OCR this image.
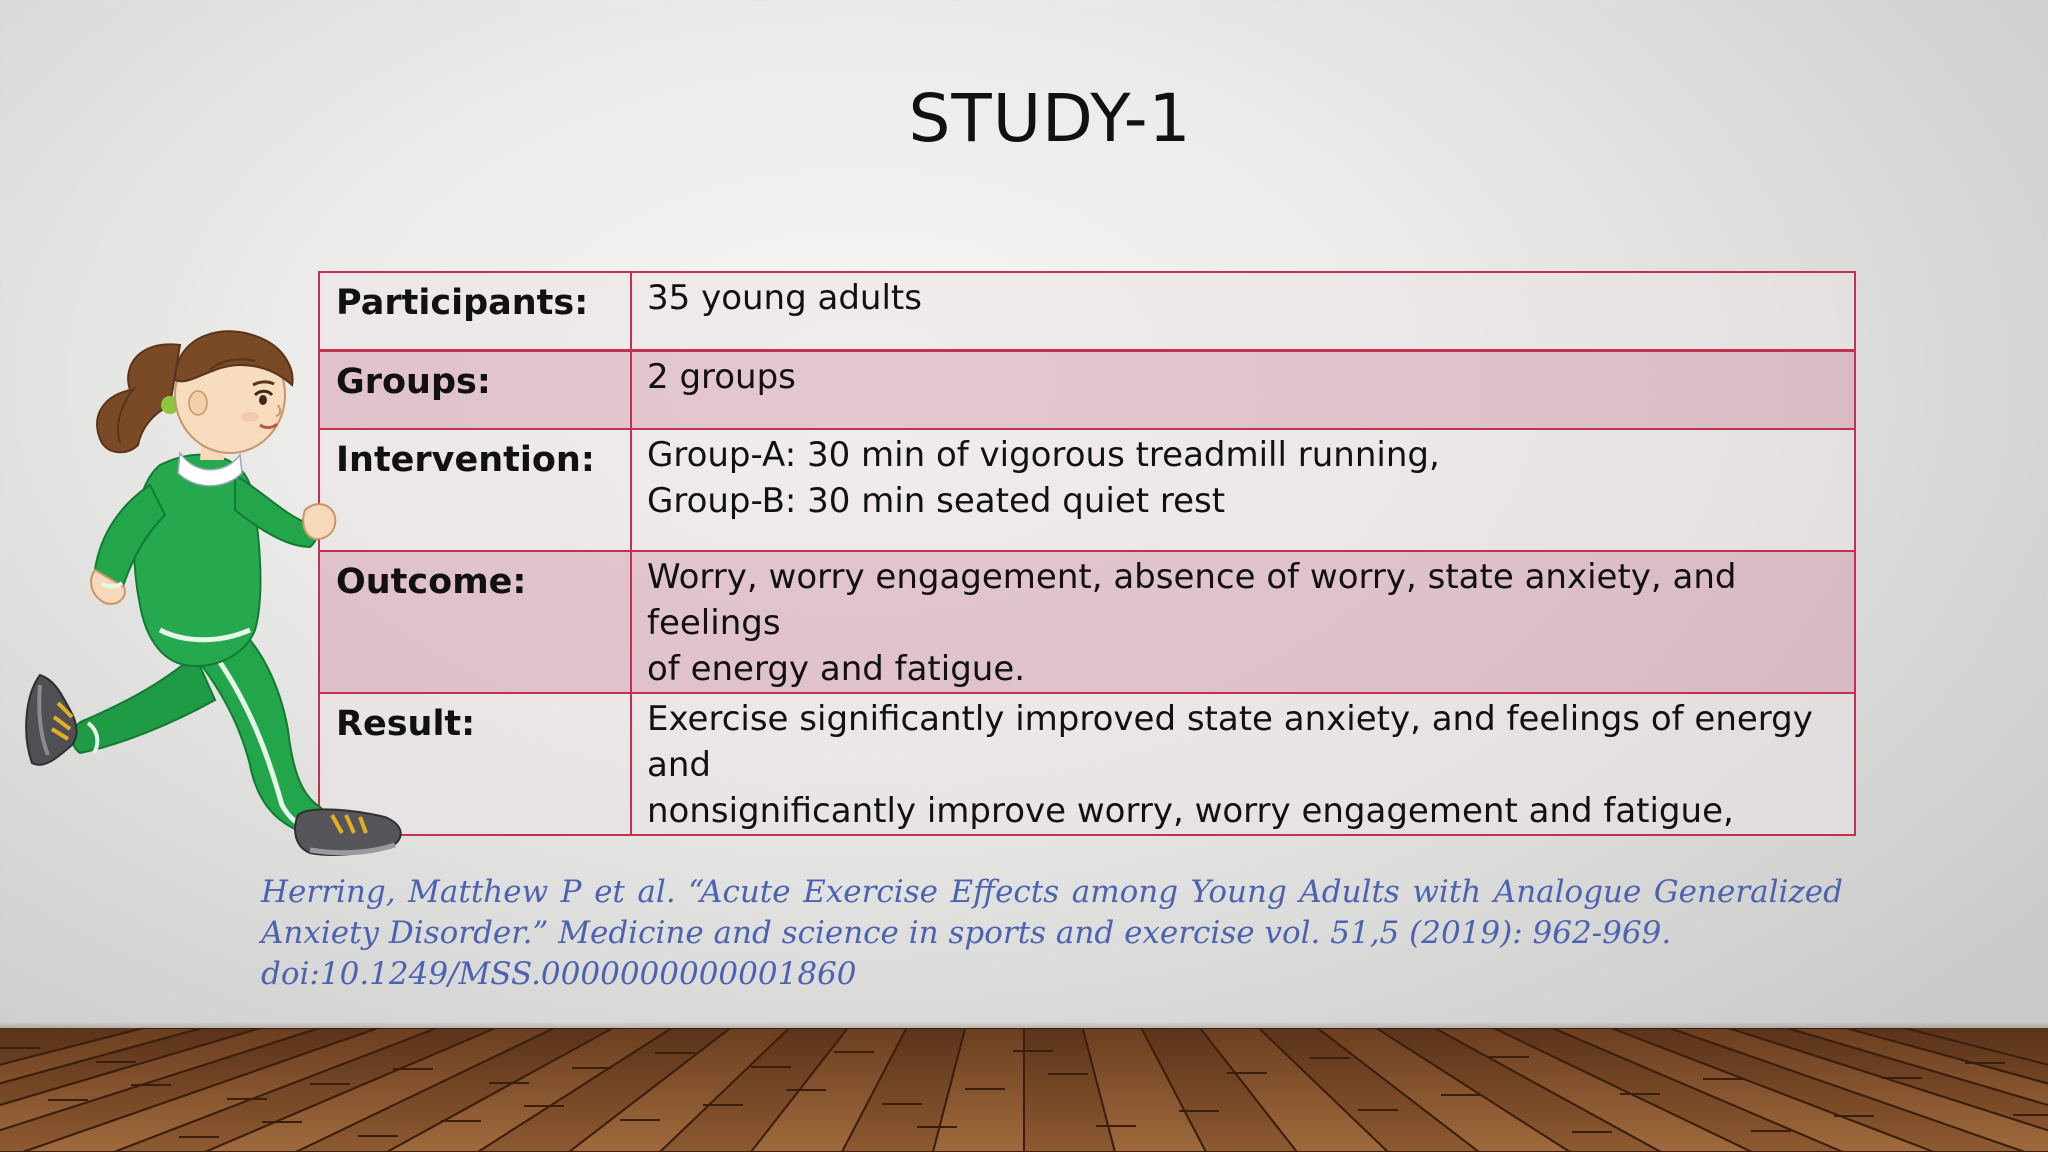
STUDY-1
Participants:	35 young adults

Groups:	2 groups

Intervention:	Group-A: 30 min of vigorous treadmill running,
Group-B: 30 min seated quiet rest

Outcome:	Worry, worry engagement, absence of worry, state anxiety, and feelings
of energy and fatigue.

Result:	Exercise significantly improved state anxiety, and feelings of energy and
nonsignificantly improve worry, worry engagement and fatigue,
Herring, Matthew P et al. “Acute Exercise Effects among Young Adults with Analogue Generalized Anxiety Disorder.” Medicine and science in sports and exercise vol. 51,5 (2019): 962-969.
doi:10.1249/MSS.0000000000001860
